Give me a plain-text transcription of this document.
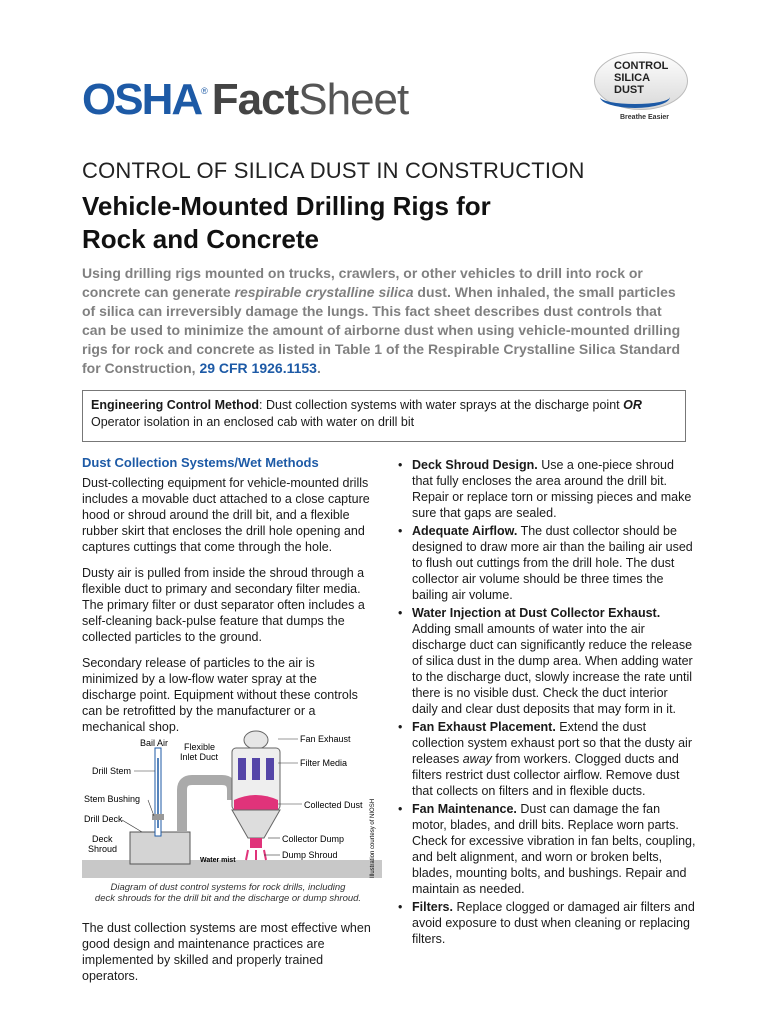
OSHA ® Fact Sheet
CONTROL
SILICA
DUST
Breathe Easier
CONTROL OF SILICA DUST IN CONSTRUCTION
Vehicle-Mounted Drilling Rigs for
Rock and Concrete
Using drilling rigs mounted on trucks, crawlers, or other vehicles to drill into rock or concrete can generate respirable crystalline silica dust. When inhaled, the small particles of silica can irreversibly damage the lungs. This fact sheet describes dust controls that can be used to minimize the amount of airborne dust when using vehicle-mounted drilling rigs for rock and concrete as listed in Table 1 of the Respirable Crystalline Silica Standard for Construction, 29 CFR 1926.1153.
Engineering Control Method: Dust collection systems with water sprays at the discharge point OR
Operator isolation in an enclosed cab with water on drill bit
Dust Collection Systems/Wet Methods

Dust-collecting equipment for vehicle-mounted drills includes a movable duct attached to a close capture hood or shroud around the drill bit, and a flexible rubber skirt that encloses the drill hole opening and captures cuttings that come through the hole.

Dusty air is pulled from inside the shroud through a flexible duct to primary and secondary filter media. The primary filter or dust separator often includes a self-cleaning back-pulse feature that dumps the collected particles to the ground.

Secondary release of particles to the air is minimized by a low-flow water spray at the discharge point. Equipment without these controls can be retrofitted by the manufacturer or a mechanical shop.

Bail Air Flexible
Inlet Duct
Drill Stem
Stem Bushing
Drill Deck
Deck
Shroud
Water mist
Fan Exhaust
Filter Media
Collected Dust
Collector Dump
Dump Shroud	Illustration courtesy of NIOSH
Diagram of dust control systems for rock drills, including
deck shrouds for the drill bit and the discharge or dump shroud.
The dust collection systems are most effective when good design and maintenance practices are implemented by skilled and properly trained operators.
• Deck Shroud Design. Use a one-piece shroud that fully encloses the area around the drill bit. Repair or replace torn or missing pieces and make sure that gaps are sealed.
• Adequate Airflow. The dust collector should be designed to draw more air than the bailing air used to flush out cuttings from the drill hole. The dust collector air volume should be three times the bailing air volume.
• Water Injection at Dust Collector Exhaust. Adding small amounts of water into the air discharge duct can significantly reduce the release of silica dust in the dump area. When adding water to the discharge duct, slowly increase the rate until there is no visible dust. Check the duct interior daily and clear dust deposits that may form in it.
• Fan Exhaust Placement. Extend the dust collection system exhaust port so that the dusty air releases away from workers. Clogged ducts and filters restrict dust collector airflow. Remove dust that collects on filters and in flexible ducts.
• Fan Maintenance. Dust can damage the fan motor, blades, and drill bits. Replace worn parts. Check for excessive vibration in fan belts, coupling, and belt alignment, and worn or broken belts, blades, mounting bolts, and bushings. Repair and maintain as needed.
• Filters. Replace clogged or damaged air filters and avoid exposure to dust when cleaning or replacing filters.
